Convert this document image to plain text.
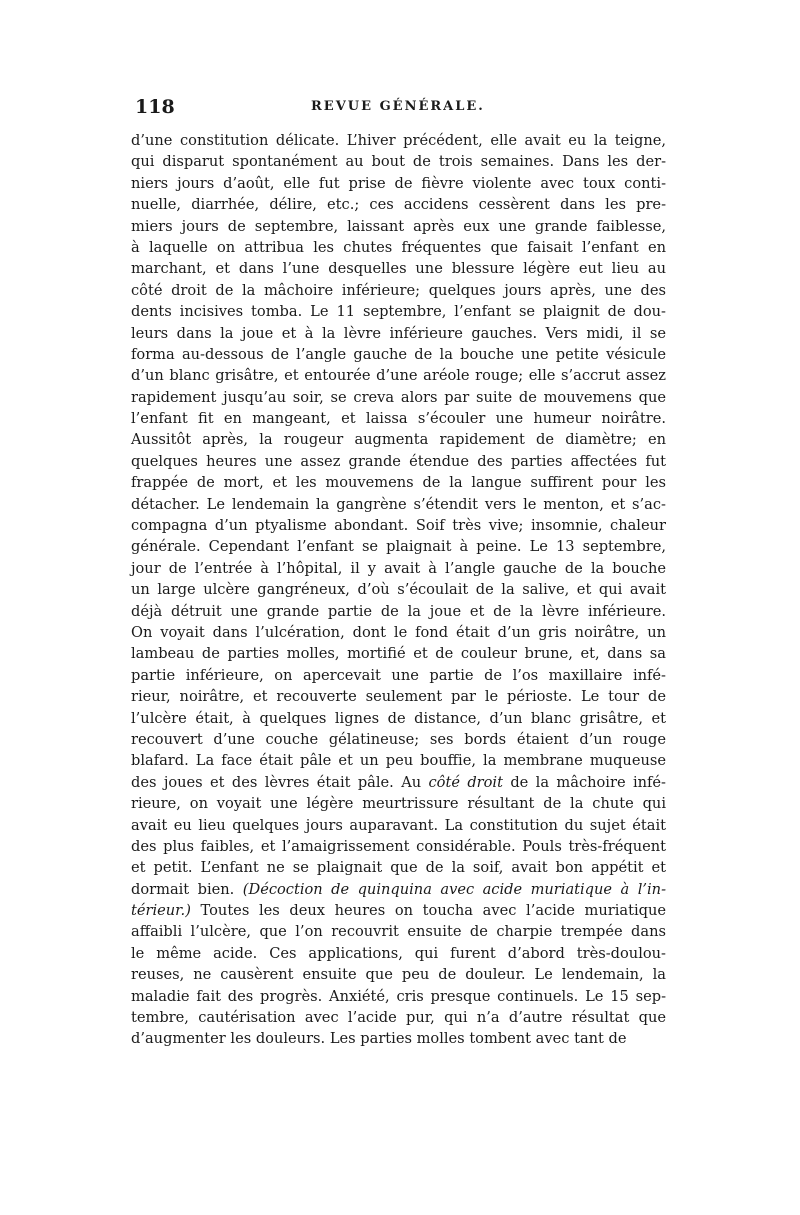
118	REVUE GÉNÉRALE.
d’une constitution délicate. L’hiver précédent, elle avait eu la teigne,
qui disparut spontanément au bout de trois semaines. Dans les der-
niers jours d’août, elle fut prise de fièvre violente avec toux conti-
nuelle, diarrhée, délire, etc.; ces accidens cessèrent dans les pre-
miers jours de septembre, laissant après eux une grande faiblesse,
à laquelle on attribua les chutes fréquentes que faisait l’enfant en
marchant, et dans l’une desquelles une blessure légère eut lieu au
côté droit de la mâchoire inférieure; quelques jours après, une des
dents incisives tomba. Le 11 septembre, l’enfant se plaignit de dou-
leurs dans la joue et à la lèvre inférieure gauches. Vers midi, il se
forma au-dessous de l’angle gauche de la bouche une petite vésicule
d’un blanc grisâtre, et entourée d’une aréole rouge; elle s’accrut assez
rapidement jusqu’au soir, se creva alors par suite de mouvemens que
l’enfant fit en mangeant, et laissa s’écouler une humeur noirâtre.
Aussitôt après, la rougeur augmenta rapidement de diamètre; en
quelques heures une assez grande étendue des parties affectées fut
frappée de mort, et les mouvemens de la langue suffirent pour les
détacher. Le lendemain la gangrène s’étendit vers le menton, et s’ac-
compagna d’un ptyalisme abondant. Soif très vive; insomnie, chaleur
générale. Cependant l’enfant se plaignait à peine. Le 13 septembre,
jour de l’entrée à l’hôpital, il y avait à l’angle gauche de la bouche
un large ulcère gangréneux, d’où s’écoulait de la salive, et qui avait
déjà détruit une grande partie de la joue et de la lèvre inférieure.
On voyait dans l’ulcération, dont le fond était d’un gris noirâtre, un
lambeau de parties molles, mortifié et de couleur brune, et, dans sa
partie inférieure, on apercevait une partie de l’os maxillaire infé-
rieur, noirâtre, et recouverte seulement par le périoste. Le tour de
l’ulcère était, à quelques lignes de distance, d’un blanc grisâtre, et
recouvert d’une couche gélatineuse; ses bords étaient d’un rouge
blafard. La face était pâle et un peu bouffie, la membrane muqueuse
des joues et des lèvres était pâle. Au côté droit de la mâchoire infé-
rieure, on voyait une légère meurtrissure résultant de la chute qui
avait eu lieu quelques jours auparavant. La constitution du sujet était
des plus faibles, et l’amaigrissement considérable. Pouls très-fréquent
et petit. L’enfant ne se plaignait que de la soif, avait bon appétit et
dormait bien. (Décoction de quinquina avec acide muriatique à l’in-
térieur.) Toutes les deux heures on toucha avec l’acide muriatique
affaibli l’ulcère, que l’on recouvrit ensuite de charpie trempée dans
le même acide. Ces applications, qui furent d’abord très-doulou-
reuses, ne causèrent ensuite que peu de douleur. Le lendemain, la
maladie fait des progrès. Anxiété, cris presque continuels. Le 15 sep-
tembre, cautérisation avec l’acide pur, qui n’a d’autre résultat que
d’augmenter les douleurs. Les parties molles tombent avec tant de
